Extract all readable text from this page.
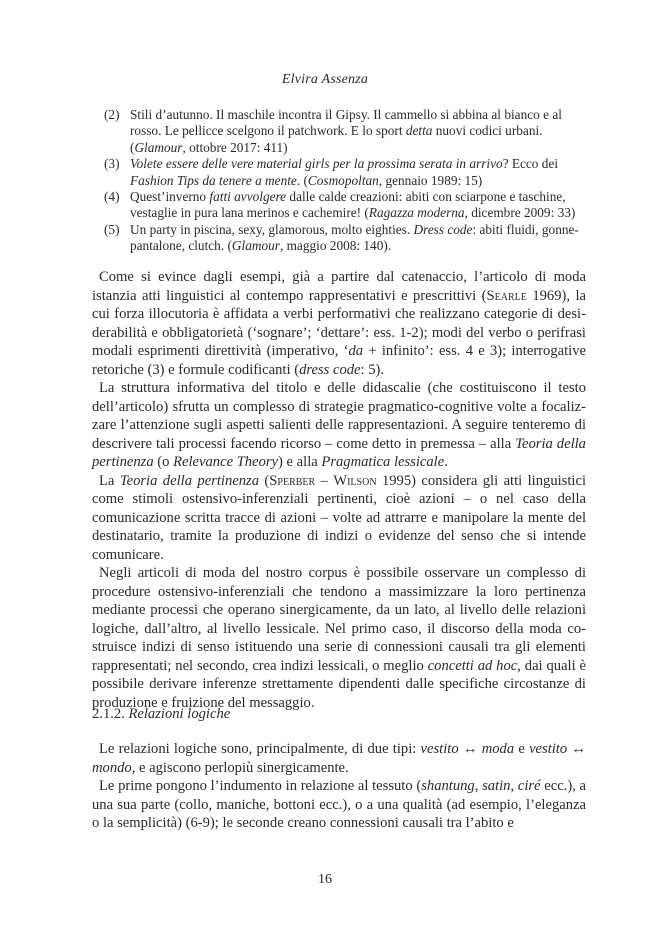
Elvira Assenza
(2) Stili d’autunno. Il maschile incontra il Gipsy. Il cammello si abbina al bianco e al rosso. Le pellicce scelgono il patchwork. E lo sport detta nuovi codici urbani. (Glamour, ottobre 2017: 411)
(3) Volete essere delle vere material girls per la prossima serata in arrivo? Ecco dei Fashion Tips da tenere a mente. (Cosmopoltan, gennaio 1989: 15)
(4) Quest’inverno fatti avvolgere dalle calde creazioni: abiti con sciarpone e taschine, vestaglie in pura lana merinos e cachemire! (Ragazza moderna, dicembre 2009: 33)
(5) Un party in piscina, sexy, glamorous, molto eighties. Dress code: abiti fluidi, gonnepantalone, clutch. (Glamour, maggio 2008: 140).

Come si evince dagli esempi, già a partire dal catenaccio, l’articolo di moda istanzia atti linguistici al contempo rappresentativi e prescrittivi (Searle 1969), la cui forza illocutoria è affidata a verbi performativi che realizzano categorie di desiderabilità e obbligatorietà (‘sognare’; ‘dettare’: ess. 1-2); modi del verbo o perifrasi modali esprimenti direttività (imperativo, ‘da + infinito’: ess. 4 e 3); interrogative retoriche (3) e formule codificanti (dress code: 5).

La struttura informativa del titolo e delle didascalie (che costituiscono il testo dell’articolo) sfrutta un complesso di strategie pragmatico-cognitive volte a focalizzare l’attenzione sugli aspetti salienti delle rappresentazioni. A seguire tenteremo di descrivere tali processi facendo ricorso – come detto in premessa – alla Teoria della pertinenza (o Relevance Theory) e alla Pragmatica lessicale.

La Teoria della pertinenza (Sperber – Wilson 1995) considera gli atti linguistici come stimoli ostensivo-inferenziali pertinenti, cioè azioni – o nel caso della comunicazione scritta tracce di azioni – volte ad attrarre e manipolare la mente del destinatario, tramite la produzione di indizi o evidenze del senso che si intende comunicare.

Negli articoli di moda del nostro corpus è possibile osservare un complesso di procedure ostensivo-inferenziali che tendono a massimizzare la loro pertinenza mediante processi che operano sinergicamente, da un lato, al livello delle relazioni logiche, dall’altro, al livello lessicale. Nel primo caso, il discorso della moda costruisce indizi di senso istituendo una serie di connessioni causali tra gli elementi rappresentati; nel secondo, crea indizi lessicali, o meglio concetti ad hoc, dai quali è possibile derivare inferenze strettamente dipendenti dalle specifiche circostanze di produzione e fruizione del messaggio.

2.1.2. Relazioni logiche

Le relazioni logiche sono, principalmente, di due tipi: vestito ↔ moda e vestito ↔ mondo, e agiscono perlopiù sinergicamente.

Le prime pongono l’indumento in relazione al tessuto (shantung, satin, ciré ecc.), a una sua parte (collo, maniche, bottoni ecc.), o a una qualità (ad esempio, l’eleganza o la semplicità) (6-9); le seconde creano connessioni causali tra l’abito e

16
